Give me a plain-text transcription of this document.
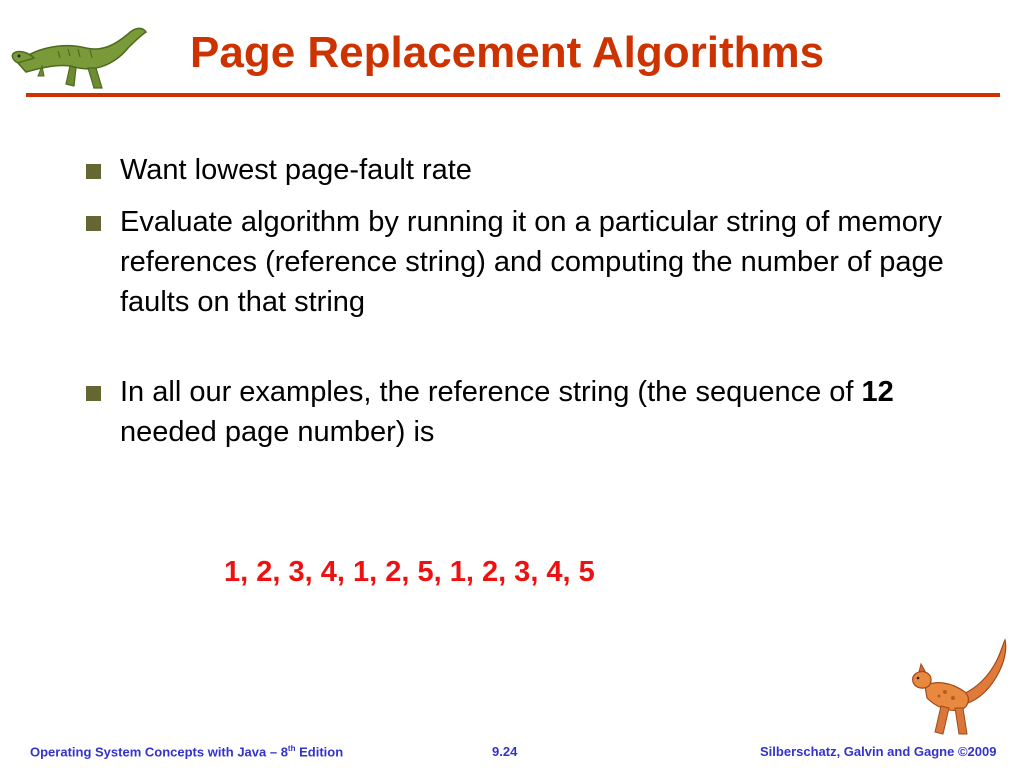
Page Replacement Algorithms
Want lowest page-fault rate
Evaluate algorithm by running it on a particular string of memory references (reference string) and computing the number of page faults on that string
In all our examples, the reference string (the sequence of 12 needed page number) is
1, 2, 3, 4, 1, 2, 5, 1, 2, 3, 4, 5
Operating System Concepts with Java – 8th Edition	9.24	Silberschatz, Galvin and Gagne ©2009
